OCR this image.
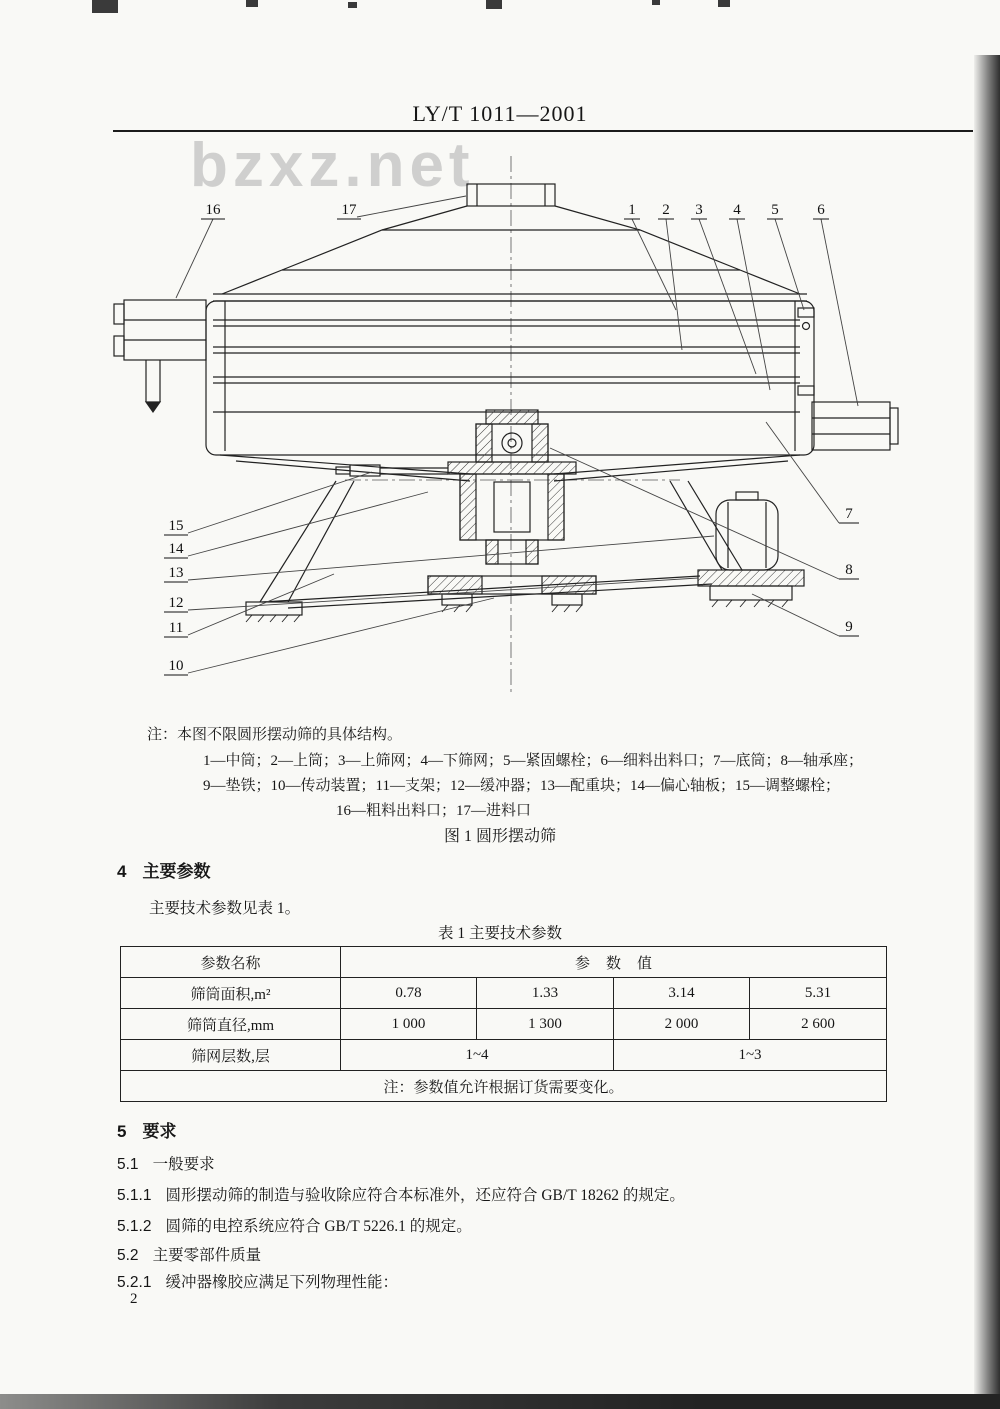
LY/T 1011—2001
bzxz.net
16	17	1 2 3 4 5	6
7
8
9
15
14
13
12
11
10
注：本图不限圆形摆动筛的具体结构。
1—中筒；2—上筒；3—上筛网；4—下筛网；5—紧固螺栓；6—细料出料口；7—底筒；8—轴承座；
9—垫铁；10—传动装置；11—支架；12—缓冲器；13—配重块；14—偏心轴板；15—调整螺栓；
16—粗料出料口；17—进料口
图 1 圆形摆动筛
4 主要参数
主要技术参数见表 1。
表 1 主要技术参数
参数名称	参数值			
筛筒面积,m²	0.78	1.33	3.14	5.31
筛筒直径,mm	1 000	1 300	2 000	2 600
筛网层数,层	1~4		1~3	
注：参数值允许根据订货需要变化。				
5 要求
5.1 一般要求
5.1.1 圆形摆动筛的制造与验收除应符合本标准外，还应符合 GB/T 18262 的规定。
5.1.2 圆筛的电控系统应符合 GB/T 5226.1 的规定。
5.2 主要零部件质量
5.2.1 缓冲器橡胶应满足下列物理性能：
2
